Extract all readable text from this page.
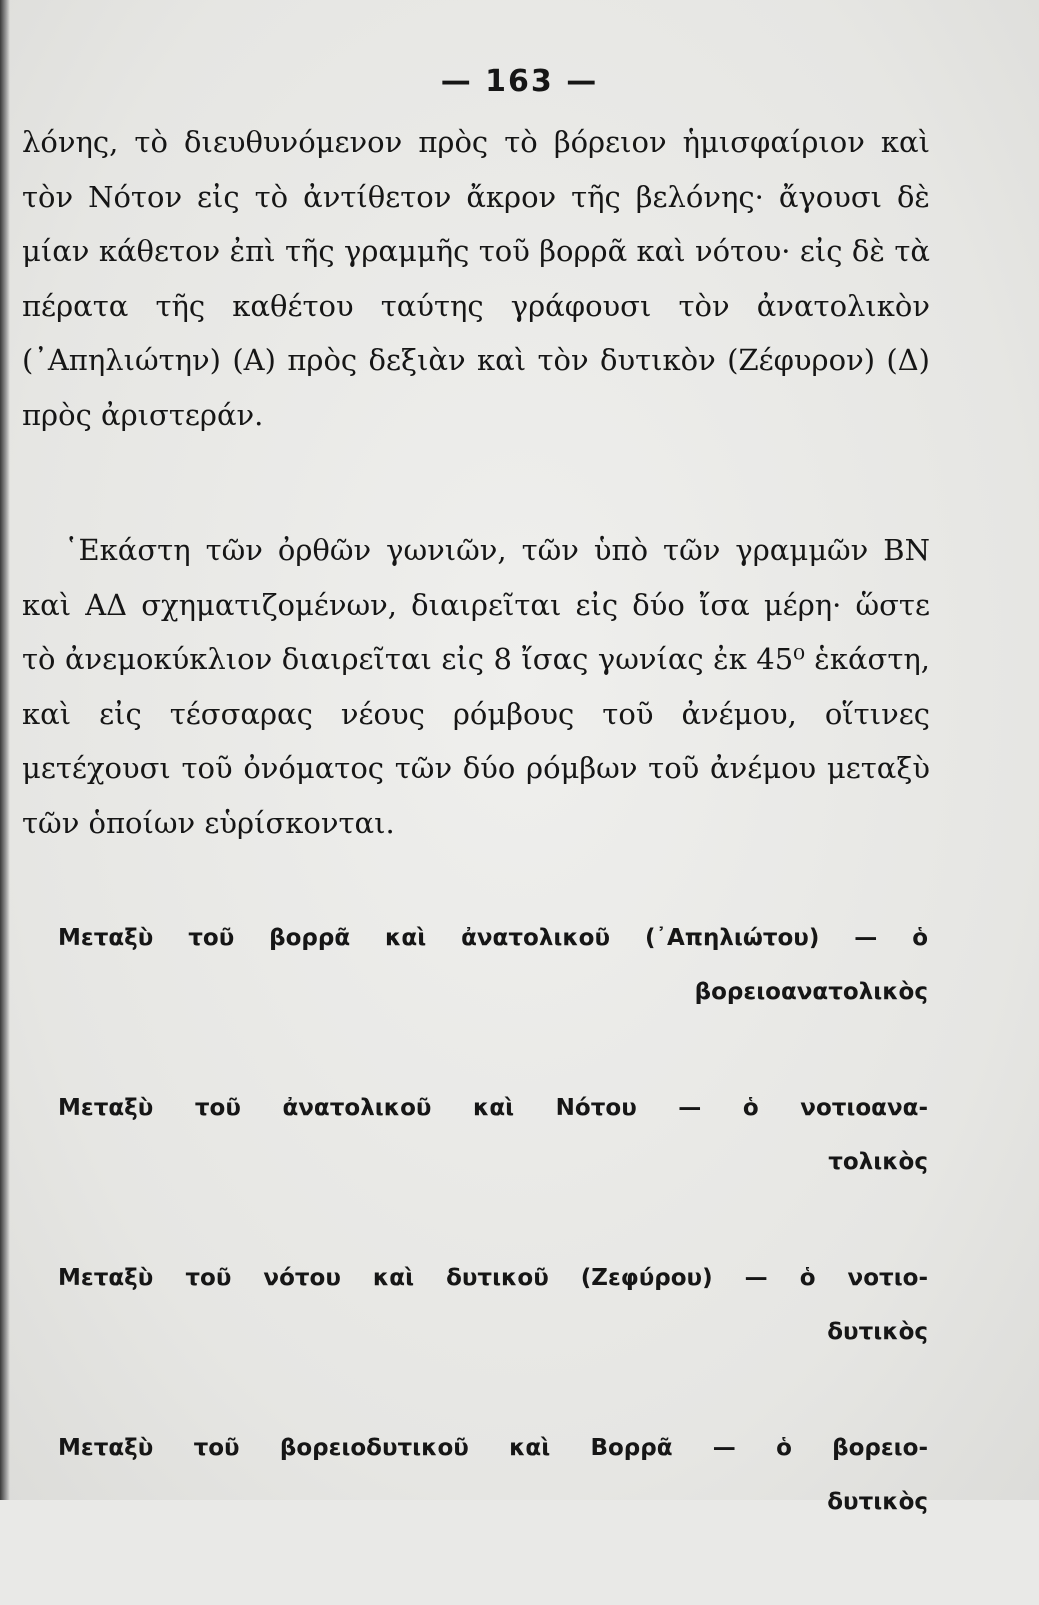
— 163 —

λόνης, τὸ διευθυνόμενον πρὸς τὸ βόρειον ἡμισφαίριον καὶ τὸν Νότον εἰς τὸ ἀντίθετον ἄκρον τῆς βελόνης· ἄγουσι δὲ μίαν κάθετον ἐπὶ τῆς γραμμῆς τοῦ βορρᾶ καὶ νότου· εἰς δὲ τὰ πέρατα τῆς καθέτου ταύτης γράφουσι τὸν ἀνατολικὸν (᾿Απηλιώτην) (Α) πρὸς δεξιὰν καὶ τὸν δυτικὸν (Ζέφυρον) (Δ) πρὸς ἀριστεράν.

῾Εκάστη τῶν ὀρθῶν γωνιῶν, τῶν ὑπὸ τῶν γραμμῶν ΒΝ καὶ ΑΔ σχηματιζομένων, διαιρεῖται εἰς δύο ἴσα μέρη· ὥστε τὸ ἀνεμοκύκλιον διαιρεῖται εἰς 8 ἴσας γωνίας ἐκ 45⁰ ἑκάστη, καὶ εἰς τέσσαρας νέους ρόμβους τοῦ ἀνέμου, οἵτινες μετέχουσι τοῦ ὀνόματος τῶν δύο ρόμβων τοῦ ἀνέμου μεταξὺ τῶν ὁποίων εὑρίσκονται.

Μεταξὺ τοῦ βορρᾶ καὶ ἀνατολικοῦ (᾿Απηλιώτου) — ὁ
βορειοανατολικὸς
Μεταξὺ τοῦ ἀνατολικοῦ καὶ Νότου — ὁ νοτιοανα-
τολικὸς
Μεταξὺ τοῦ νότου καὶ δυτικοῦ (Ζεφύρου) — ὁ νοτιο-
δυτικὸς
Μεταξὺ τοῦ βορειοδυτικοῦ καὶ Βορρᾶ — ὁ βορειο-
δυτικὸς
